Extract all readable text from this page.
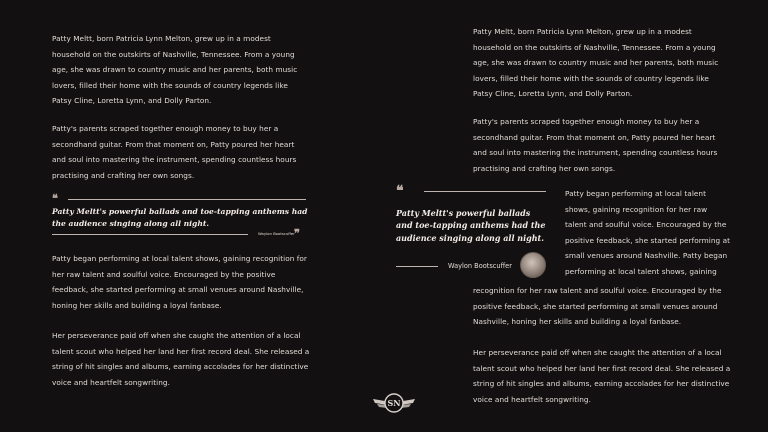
Patty Meltt, born Patricia Lynn Melton, grew up in a modest household on the outskirts of Nashville, Tennessee. From a young age, she was drawn to country music and her parents, both music lovers, filled their home with the sounds of country legends like Patsy Cline, Loretta Lynn, and Dolly Parton.

Patty's parents scraped together enough money to buy her a secondhand guitar. From that moment on, Patty poured her heart and soul into mastering the instrument, spending countless hours practising and crafting her own songs.

❝

Patty Meltt's powerful ballads and toe-tapping anthems had the audience singing along all night.

Waylon Bootscuffer ❞

Patty began performing at local talent shows, gaining recognition for her raw talent and soulful voice. Encouraged by the positive feedback, she started performing at small venues around Nashville, honing her skills and building a loyal fanbase.

Her perseverance paid off when she caught the attention of a local talent scout who helped her land her first record deal. She released a string of hit singles and albums, earning accolades for her distinctive voice and heartfelt songwriting.

Patty Meltt, born Patricia Lynn Melton, grew up in a modest household on the outskirts of Nashville, Tennessee. From a young age, she was drawn to country music and her parents, both music lovers, filled their home with the sounds of country legends like Patsy Cline, Loretta Lynn, and Dolly Parton.

Patty's parents scraped together enough money to buy her a secondhand guitar. From that moment on, Patty poured her heart and soul into mastering the instrument, spending countless hours practising and crafting her own songs.

Patty began performing at local talent shows, gaining recognition for her raw talent and soulful voice. Encouraged by the positive feedback, she started performing at small venues around Nashville. Patty began performing at local talent shows, gaining

recognition for her raw talent and soulful voice. Encouraged by the positive feedback, she started performing at small venues around Nashville, honing her skills and building a loyal fanbase.

Her perseverance paid off when she caught the attention of a local talent scout who helped her land her first record deal. She released a string of hit singles and albums, earning accolades for her distinctive voice and heartfelt songwriting.

❝

Patty Meltt's powerful ballads and toe-tapping anthems had the audience singing along all night.

Waylon Bootscuffer
SN
